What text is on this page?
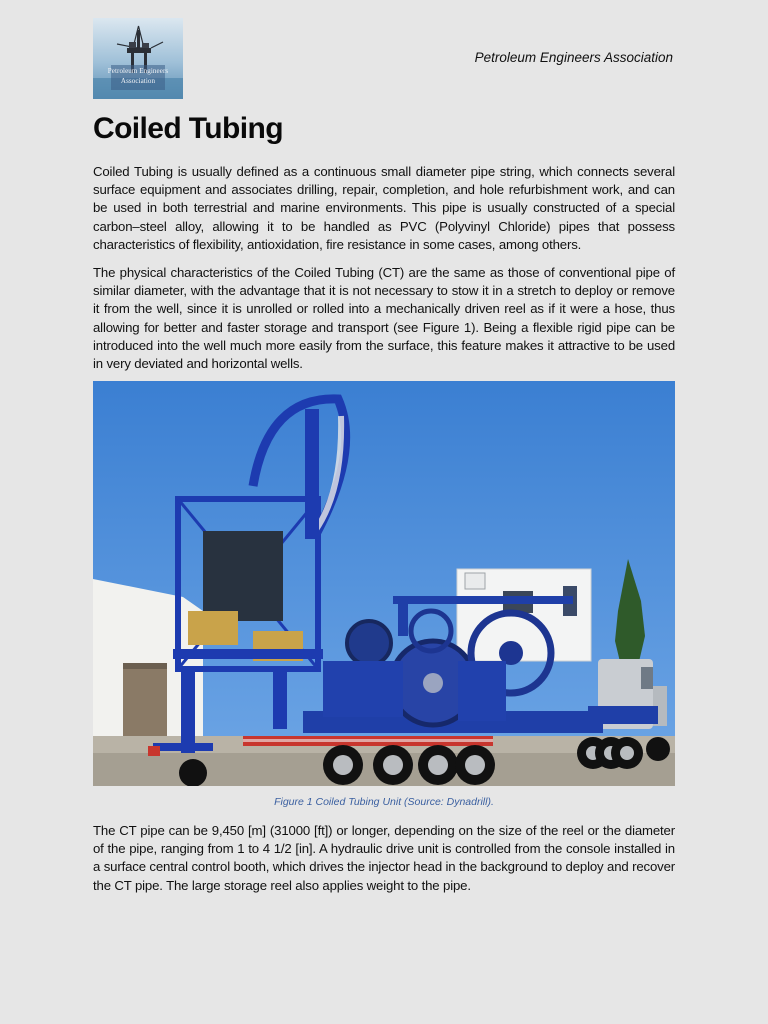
Petroleum Engineers Association
Petroleum Engineers Association
Coiled Tubing

Coiled Tubing is usually defined as a continuous small diameter pipe string, which connects several surface equipment and associates drilling, repair, completion, and hole refurbishment work, and can be used in both terrestrial and marine environments. This pipe is usually constructed of a special carbon–steel alloy, allowing it to be handled as PVC (Polyvinyl Chloride) pipes that possess characteristics of flexibility, antioxidation, fire resistance in some cases, among others.

The physical characteristics of the Coiled Tubing (CT) are the same as those of conventional pipe of similar diameter, with the advantage that it is not necessary to stow it in a stretch to deploy or remove it from the well, since it is unrolled or rolled into a mechanically driven reel as if it were a hose, thus allowing for better and faster storage and transport (see Figure 1). Being a flexible rigid pipe can be introduced into the well much more easily from the surface, this feature makes it attractive to be used in very deviated and horizontal wells.

Figure 1 Coiled Tubing Unit (Source: Dynadrill).

The CT pipe can be 9,450 [m] (31000 [ft]) or longer, depending on the size of the reel or the diameter of the pipe, ranging from 1 to 4 1/2 [in]. A hydraulic drive unit is controlled from the console installed in a surface central control booth, which drives the injector head in the background to deploy and recover the CT pipe. The large storage reel also applies weight to the pipe.
